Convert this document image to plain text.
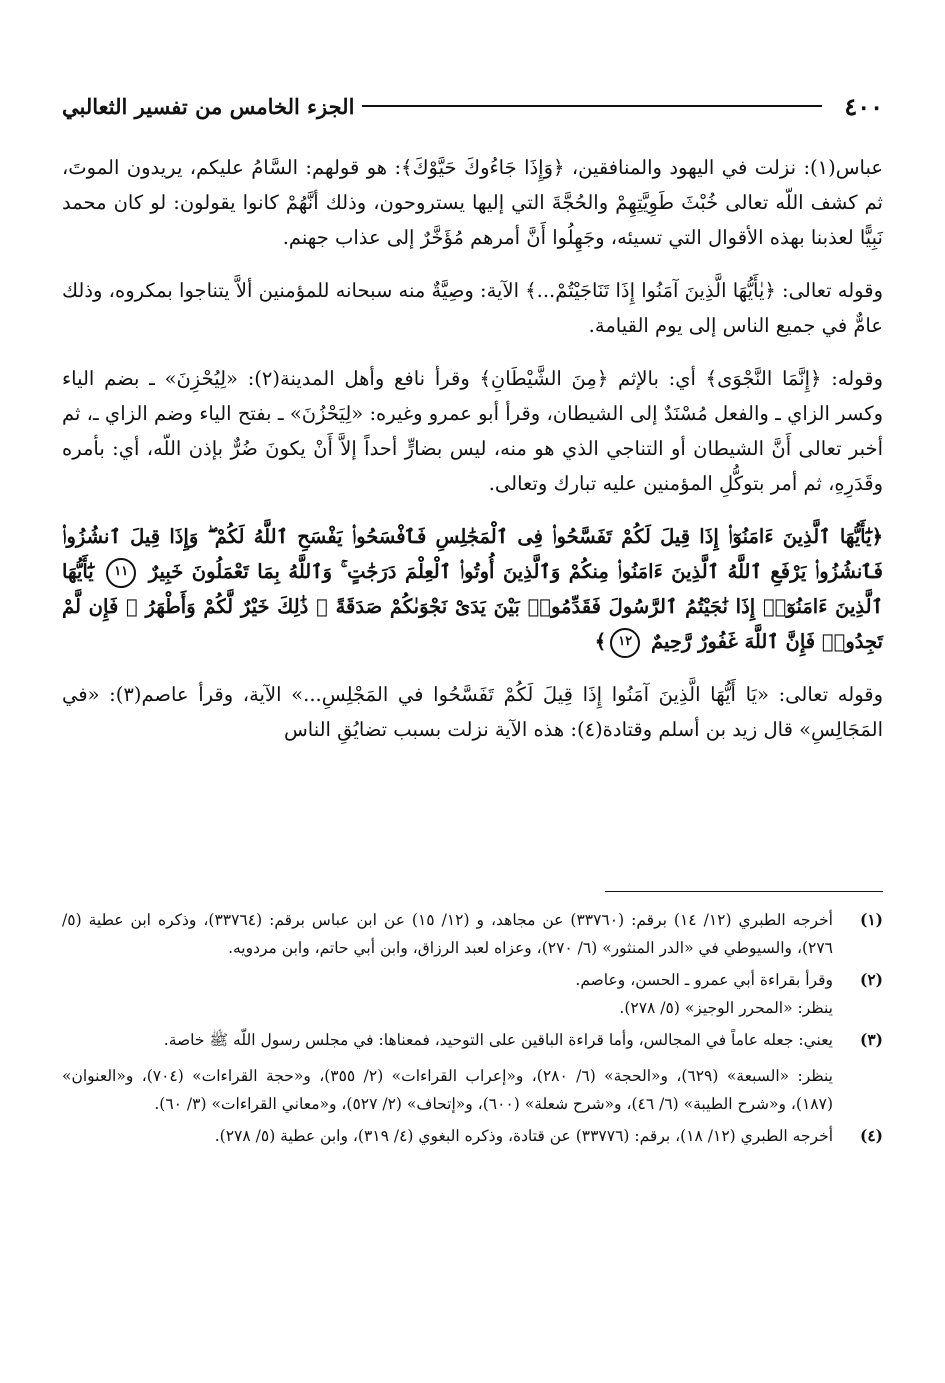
٤٠٠
الجزء الخامس من تفسير الثعالبي

عباس(١): نزلت في اليهود والمنافقين، ﴿وَإِذَا جَاءُوكَ حَيَّوْكَ﴾: هو قولهم: السَّامُ عليكم، يريدون الموتَ، ثم كشف اللّه تعالى خُبْثَ طَوِيَّتِهِمْ والحُجَّةَ التي إليها يستروحون، وذلك أنَّهُمْ كانوا يقولون: لو كان محمد نَبِيًّا لعذبنا بهذه الأقوال التي تسيئه، وجَهِلُوا أَنَّ أمرهم مُؤَخَّرٌ إلى عذاب جهنم.

وقوله تعالى: ﴿يٰأَيُّهَا الَّذِينَ آمَنُوا إِذَا تَنَاجَيْتُمْ...﴾ الآية: وصِيَّةٌ منه سبحانه للمؤمنين ألاَّ يتناجوا بمكروه، وذلك عامٌّ في جميع الناس إلى يوم القيامة.

وقوله: ﴿إِنَّمَا النَّجْوَى﴾ أي: بالإثم ﴿مِنَ الشَّيْطَانِ﴾ وقرأ نافع وأهل المدينة(٢): «لِيُحْزِنَ» ـ بضم الياء وكسر الزاي ـ والفعل مُسْنَدٌ إلى الشيطان، وقرأ أبو عمرو وغيره: «لِيَحْزُنَ» ـ بفتح الياء وضم الزاي ـ، ثم أخبر تعالى أَنَّ الشيطان أو التناجي الذي هو منه، ليس بضارٍّ أحداً إلاَّ أَنْ يكونَ ضُرٌّ بإذن اللّه، أي: بأمره وقَدَرِهِ، ثم أمر بتوكُّلِ المؤمنين عليه تبارك وتعالى.

﴿يَٰٓأَيُّهَا ٱلَّذِينَ ءَامَنُوٓا۟ إِذَا قِيلَ لَكُمْ تَفَسَّحُوا۟ فِى ٱلْمَجَٰلِسِ فَٱفْسَحُوا۟ يَفْسَحِ ٱللَّهُ لَكُمْ ۖ وَإِذَا قِيلَ ٱنشُزُوا۟ فَٱنشُزُوا۟ يَرْفَعِ ٱللَّهُ ٱلَّذِينَ ءَامَنُوا۟ مِنكُمْ وَٱلَّذِينَ أُوتُوا۟ ٱلْعِلْمَ دَرَجَٰتٍ ۚ وَٱللَّهُ بِمَا تَعْمَلُونَ خَبِيرٌ ١١ يَٰٓأَيُّهَا ٱلَّذِينَ ءَامَنُوٓا۟ إِذَا نَٰجَيْتُمُ ٱلرَّسُولَ فَقَدِّمُوا۟ بَيْنَ يَدَىْ نَجْوَىٰكُمْ صَدَقَةً ۚ ذَٰلِكَ خَيْرٌ لَّكُمْ وَأَطْهَرُ ۚ فَإِن لَّمْ تَجِدُوا۟ فَإِنَّ ٱللَّهَ غَفُورٌ رَّحِيمٌ ١٢﴾

وقوله تعالى: «يَا أَيُّهَا الَّذِينَ آمَنُوا إِذَا قِيلَ لَكُمْ تَفَسَّحُوا في المَجْلِسِ...» الآية، وقرأ عاصم(٣): «في المَجَالِسِ» قال زيد بن أسلم وقتادة(٤): هذه الآية نزلت بسبب تضايُقِ الناس

(١)

أخرجه الطبري (١٢/ ١٤) برقم: (٣٣٧٦٠) عن مجاهد، و (١٢/ ١٥) عن ابن عباس برقم: (٣٣٧٦٤)، وذكره ابن عطية (٥/ ٢٧٦)، والسيوطي في «الدر المنثور» (٦/ ٢٧٠)، وعزاه لعبد الرزاق، وابن أبي حاتم، وابن مردويه.

(٢)

وقرأ بقراءة أبي عمرو ـ الحسن، وعاصم.

ينظر: «المحرر الوجيز» (٥/ ٢٧٨).

(٣)

يعني: جعله عاماً في المجالس، وأما قراءة الباقين على التوحيد، فمعناها: في مجلس رسول اللّه ﷺ خاصة.

ينظر: «السبعة» (٦٢٩)، و«الحجة» (٦/ ٢٨٠)، و«إعراب القراءات» (٢/ ٣٥٥)، و«حجة القراءات» (٧٠٤)، و«العنوان» (١٨٧)، و«شرح الطيبة» (٦/ ٤٦)، و«شرح شعلة» (٦٠٠)، و«إتحاف» (٢/ ٥٢٧)، و«معاني القراءات» (٣/ ٦٠).

(٤)

أخرجه الطبري (١٢/ ١٨)، برقم: (٣٣٧٧٦) عن قتادة، وذكره البغوي (٤/ ٣١٩)، وابن عطية (٥/ ٢٧٨).
